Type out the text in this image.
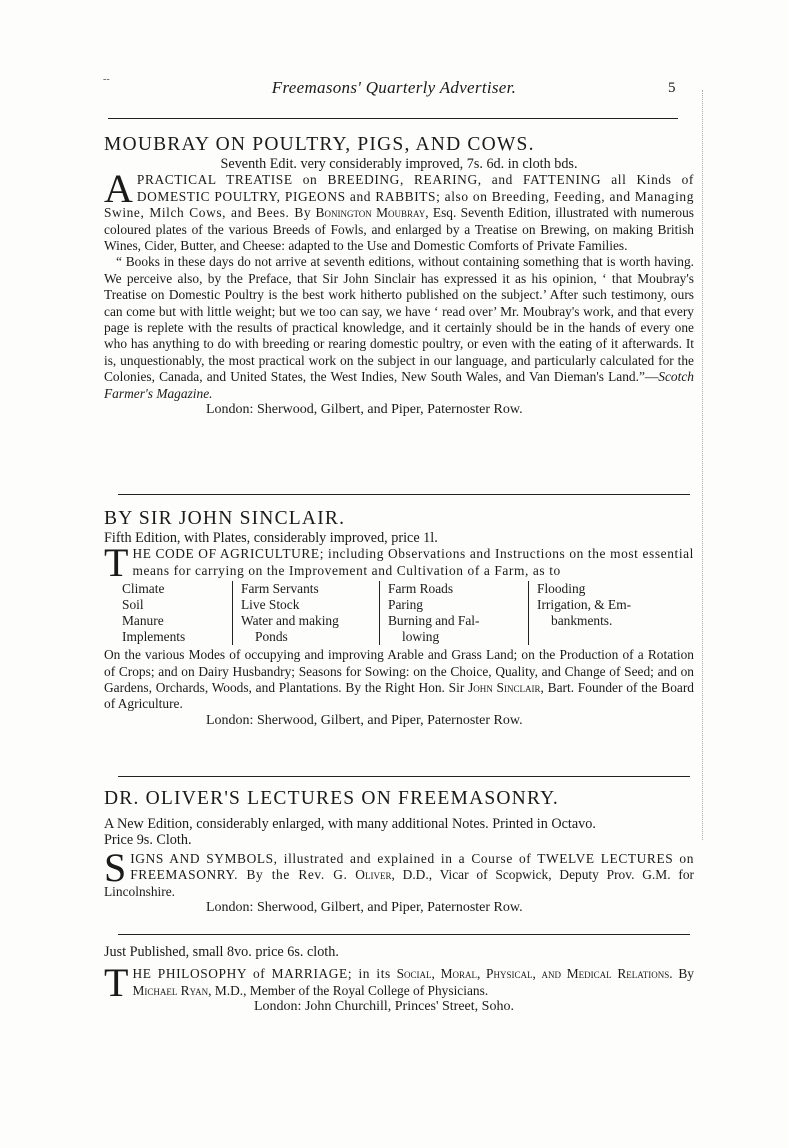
--	Freemasons' Quarterly Advertiser.	5

MOUBRAY ON POULTRY, PIGS, AND COWS.

Seventh Edit. very considerably improved, 7s. 6d. in cloth bds.

APRACTICAL TREATISE on BREEDING, REARING, and FATTENING all Kinds of DOMESTIC POULTRY, PIGEONS and RABBITS; also on Breeding, Feeding, and Managing Swine, Milch Cows, and Bees. By Bonington Moubray, Esq. Seventh Edition, illustrated with numerous coloured plates of the various Breeds of Fowls, and enlarged by a Treatise on Brewing, on making British Wines, Cider, Butter, and Cheese: adapted to the Use and Domestic Comforts of Private Families.

“ Books in these days do not arrive at seventh editions, without containing something that is worth having. We perceive also, by the Preface, that Sir John Sinclair has expressed it as his opinion, ‘ that Moubray's Treatise on Domestic Poultry is the best work hitherto published on the subject.’ After such testimony, ours can come but with little weight; but we too can say, we have ‘ read over’ Mr. Moubray's work, and that every page is replete with the results of practical knowledge, and it certainly should be in the hands of every one who has anything to do with breeding or rearing domestic poultry, or even with the eating of it afterwards. It is, unquestionably, the most practical work on the subject in our language, and particularly calculated for the Colonies, Canada, and United States, the West Indies, New South Wales, and Van Dieman's Land.”—Scotch Farmer's Magazine.

London: Sherwood, Gilbert, and Piper, Paternoster Row.

BY SIR JOHN SINCLAIR.

Fifth Edition, with Plates, considerably improved, price 1l.

THE CODE OF AGRICULTURE; including Observations and Instructions on the most essential means for carrying on the Improvement and Cultivation of a Farm, as to

Climate
Soil
Manure
Implements
Farm Servants
Live Stock
Water and making
Ponds
Farm Roads
Paring
Burning and Fal-
lowing
Flooding
Irrigation, & Em-
bankments.

On the various Modes of occupying and improving Arable and Grass Land; on the Production of a Rotation of Crops; and on Dairy Husbandry; Seasons for Sowing: on the Choice, Quality, and Change of Seed; and on Gardens, Orchards, Woods, and Plantations. By the Right Hon. Sir John Sinclair, Bart. Founder of the Board of Agriculture.

London: Sherwood, Gilbert, and Piper, Paternoster Row.

DR. OLIVER'S LECTURES ON FREEMASONRY.

A New Edition, considerably enlarged, with many additional Notes. Printed in Octavo.

Price 9s. Cloth.

SIGNS AND SYMBOLS, illustrated and explained in a Course of TWELVE LECTURES on FREEMASONRY. By the Rev. G. Oliver, D.D., Vicar of Scopwick, Deputy Prov. G.M. for Lincolnshire.

London: Sherwood, Gilbert, and Piper, Paternoster Row.

Just Published, small 8vo. price 6s. cloth.

THE PHILOSOPHY of MARRIAGE; in its Social, Moral, Physical, and Medical Relations. By Michael Ryan, M.D., Member of the Royal College of Physicians.

London: John Churchill, Princes' Street, Soho.
